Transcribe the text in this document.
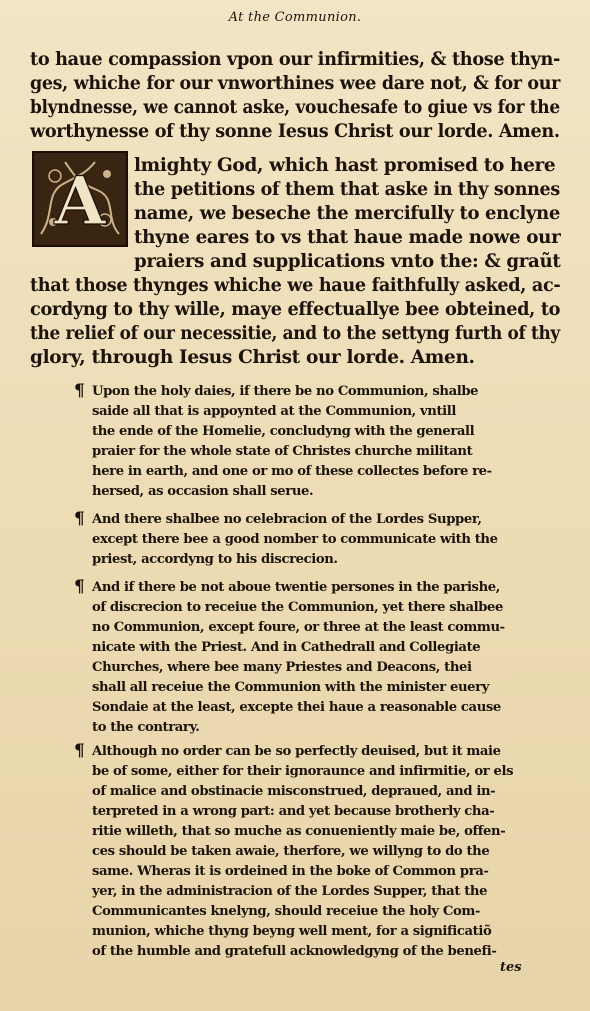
At the Communion.
to haue compassion vpon our infirmities, & those thyn-
ges, whiche for our vnworthines wee dare not, & for our
blyndnesse, we cannot aske, vouchesafe to giue vs for the
worthynesse of thy sonne Iesus Christ our lorde. Amen.
A lmighty God, which hast promised to here
the petitions of them that aske in thy sonnes
name, we beseche the mercifully to enclyne
thyne eares to vs that haue made nowe our
praiers and supplications vnto the: & graũt
that those thynges whiche we haue faithfully asked, ac-
cordyng to thy wille, maye effectuallye bee obteined, to
the relief of our necessitie, and to the settyng furth of thy
glory, through Iesus Christ our lorde. Amen.
¶ Upon the holy daies, if there be no Communion, shalbe
saide all that is appoynted at the Communion, vntill
the ende of the Homelie, concludyng with the generall
praier for the whole state of Christes churche militant
here in earth, and one or mo of these collectes before re-
hersed, as occasion shall serue.
¶ And there shalbee no celebracion of the Lordes Supper,
except there bee a good nomber to communicate with the
priest, accordyng to his discrecion.
¶ And if there be not aboue twentie persones in the parishe,
of discrecion to receiue the Communion, yet there shalbee
no Communion, except foure, or three at the least commu-
nicate with the Priest. And in Cathedrall and Collegiate
Churches, where bee many Priestes and Deacons, thei
shall all receiue the Communion with the minister euery
Sondaie at the least, excepte thei haue a reasonable cause
to the contrary.
¶ Although no order can be so perfectly deuised, but it maie
be of some, either for their ignoraunce and infirmitie, or els
of malice and obstinacie misconstrued, depraued, and in-
terpreted in a wrong part: and yet because brotherly cha-
ritie willeth, that so muche as conueniently maie be, offen-
ces should be taken awaie, therfore, we willyng to do the
same. Wheras it is ordeined in the boke of Common pra-
yer, in the administracion of the Lordes Supper, that the
Communicantes knelyng, should receiue the holy Com-
munion, whiche thyng beyng well ment, for a significatiõ
of the humble and gratefull acknowledgyng of the benefi-
tes
